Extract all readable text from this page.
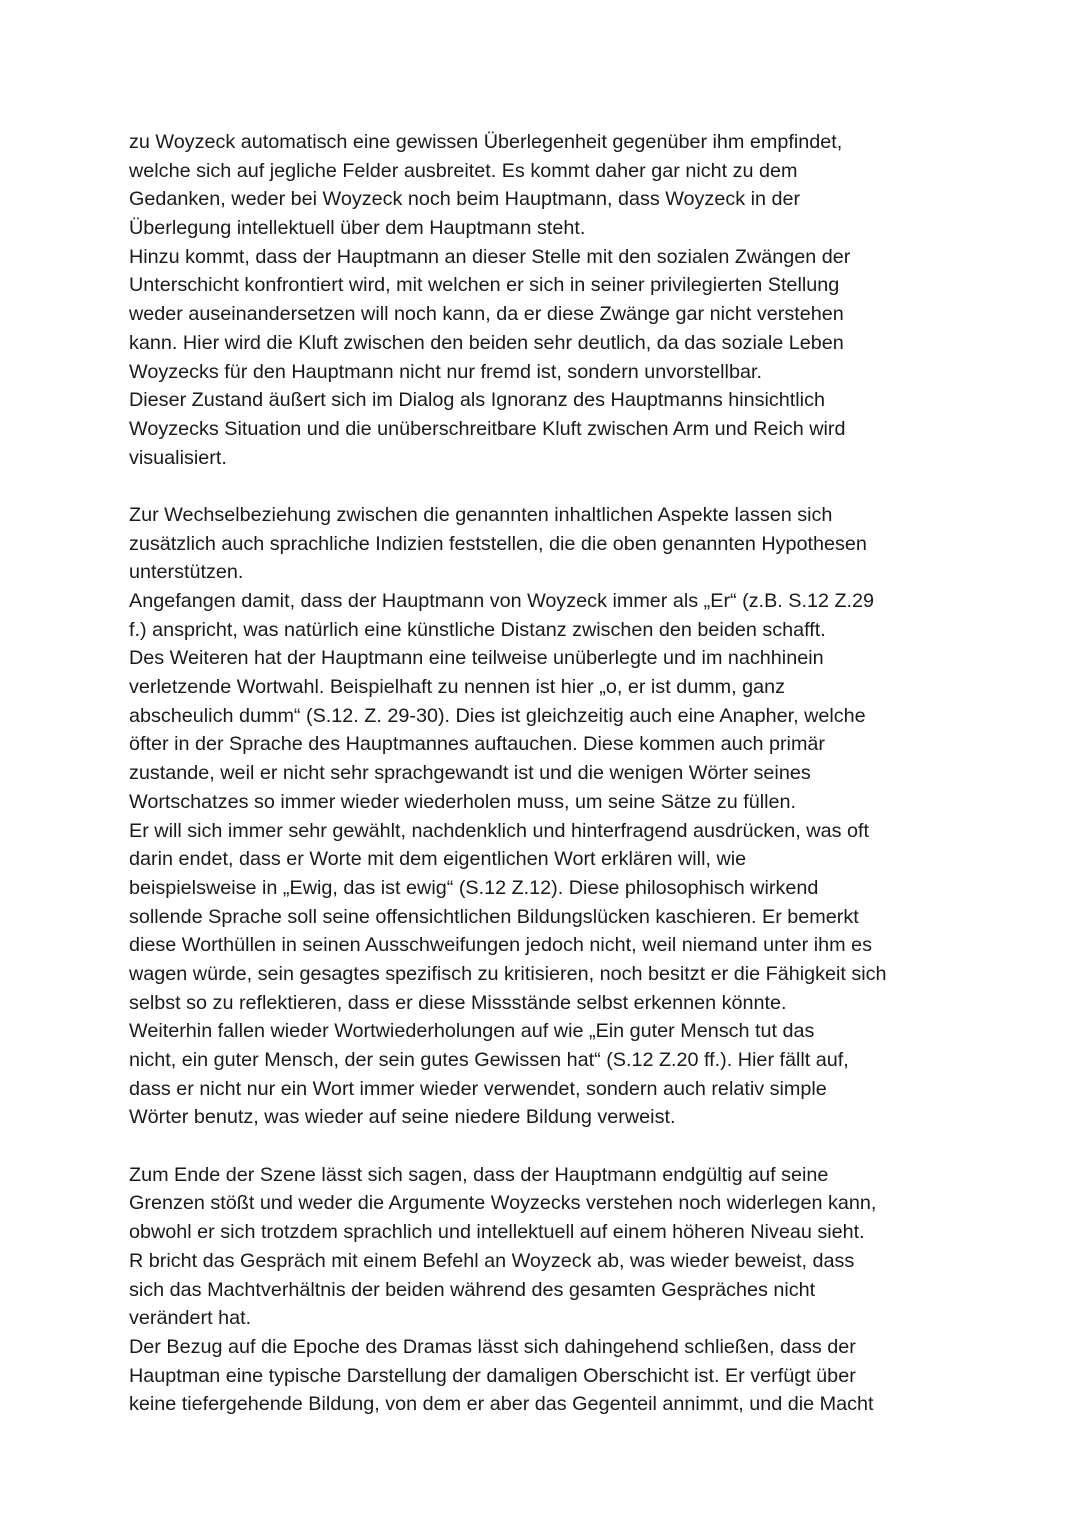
zu Woyzeck automatisch eine gewissen Überlegenheit gegenüber ihm empfindet,
welche sich auf jegliche Felder ausbreitet. Es kommt daher gar nicht zu dem
Gedanken, weder bei Woyzeck noch beim Hauptmann, dass Woyzeck in der
Überlegung intellektuell über dem Hauptmann steht.
Hinzu kommt, dass der Hauptmann an dieser Stelle mit den sozialen Zwängen der
Unterschicht konfrontiert wird, mit welchen er sich in seiner privilegierten Stellung
weder auseinandersetzen will noch kann, da er diese Zwänge gar nicht verstehen
kann. Hier wird die Kluft zwischen den beiden sehr deutlich, da das soziale Leben
Woyzecks für den Hauptmann nicht nur fremd ist, sondern unvorstellbar.
Dieser Zustand äußert sich im Dialog als Ignoranz des Hauptmanns hinsichtlich
Woyzecks Situation und die unüberschreitbare Kluft zwischen Arm und Reich wird
visualisiert.
Zur Wechselbeziehung zwischen die genannten inhaltlichen Aspekte lassen sich
zusätzlich auch sprachliche Indizien feststellen, die die oben genannten Hypothesen
unterstützen.
Angefangen damit, dass der Hauptmann von Woyzeck immer als „Er“ (z.B. S.12 Z.29
f.) anspricht, was natürlich eine künstliche Distanz zwischen den beiden schafft.
Des Weiteren hat der Hauptmann eine teilweise unüberlegte und im nachhinein
verletzende Wortwahl. Beispielhaft zu nennen ist hier „o, er ist dumm, ganz
abscheulich dumm“ (S.12. Z. 29-30). Dies ist gleichzeitig auch eine Anapher, welche
öfter in der Sprache des Hauptmannes auftauchen. Diese kommen auch primär
zustande, weil er nicht sehr sprachgewandt ist und die wenigen Wörter seines
Wortschatzes so immer wieder wiederholen muss, um seine Sätze zu füllen.
Er will sich immer sehr gewählt, nachdenklich und hinterfragend ausdrücken, was oft
darin endet, dass er Worte mit dem eigentlichen Wort erklären will, wie
beispielsweise in „Ewig, das ist ewig“ (S.12 Z.12). Diese philosophisch wirkend
sollende Sprache soll seine offensichtlichen Bildungslücken kaschieren. Er bemerkt
diese Worthüllen in seinen Ausschweifungen jedoch nicht, weil niemand unter ihm es
wagen würde, sein gesagtes spezifisch zu kritisieren, noch besitzt er die Fähigkeit sich
selbst so zu reflektieren, dass er diese Missstände selbst erkennen könnte.
Weiterhin fallen wieder Wortwiederholungen auf wie „Ein guter Mensch tut das
nicht, ein guter Mensch, der sein gutes Gewissen hat“ (S.12 Z.20 ff.). Hier fällt auf,
dass er nicht nur ein Wort immer wieder verwendet, sondern auch relativ simple
Wörter benutz, was wieder auf seine niedere Bildung verweist.
Zum Ende der Szene lässt sich sagen, dass der Hauptmann endgültig auf seine
Grenzen stößt und weder die Argumente Woyzecks verstehen noch widerlegen kann,
obwohl er sich trotzdem sprachlich und intellektuell auf einem höheren Niveau sieht.
R bricht das Gespräch mit einem Befehl an Woyzeck ab, was wieder beweist, dass
sich das Machtverhältnis der beiden während des gesamten Gespräches nicht
verändert hat.
Der Bezug auf die Epoche des Dramas lässt sich dahingehend schließen, dass der
Hauptman eine typische Darstellung der damaligen Oberschicht ist. Er verfügt über
keine tiefergehende Bildung, von dem er aber das Gegenteil annimmt, und die Macht
